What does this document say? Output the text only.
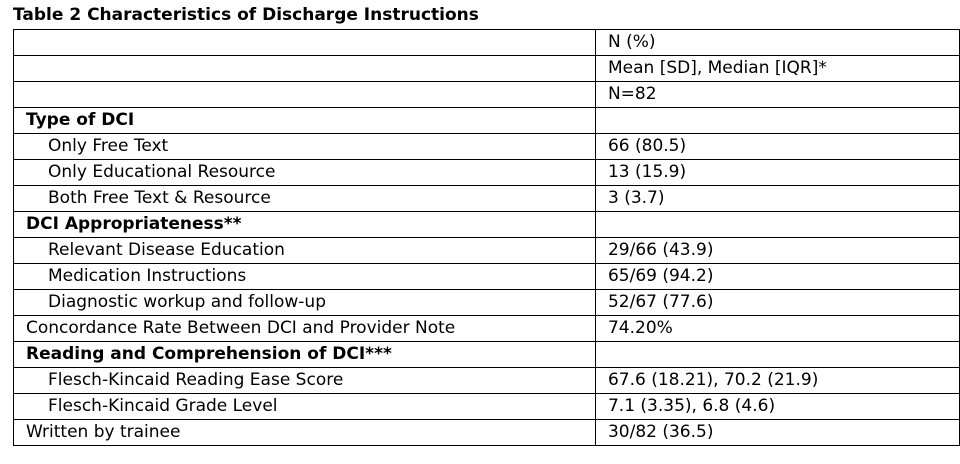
Table 2 Characteristics of Discharge Instructions
	N (%)
	Mean [SD], Median [IQR]*
	N=82
Type of DCI	
Only Free Text	66 (80.5)
Only Educational Resource	13 (15.9)
Both Free Text & Resource	3 (3.7)
DCI Appropriateness**	
Relevant Disease Education	29/66 (43.9)
Medication Instructions	65/69 (94.2)
Diagnostic workup and follow-up	52/67 (77.6)
Concordance Rate Between DCI and Provider Note	74.20%
Reading and Comprehension of DCI***	
Flesch-Kincaid Reading Ease Score	67.6 (18.21), 70.2 (21.9)
Flesch-Kincaid Grade Level	7.1 (3.35), 6.8 (4.6)
Written by trainee	30/82 (36.5)
